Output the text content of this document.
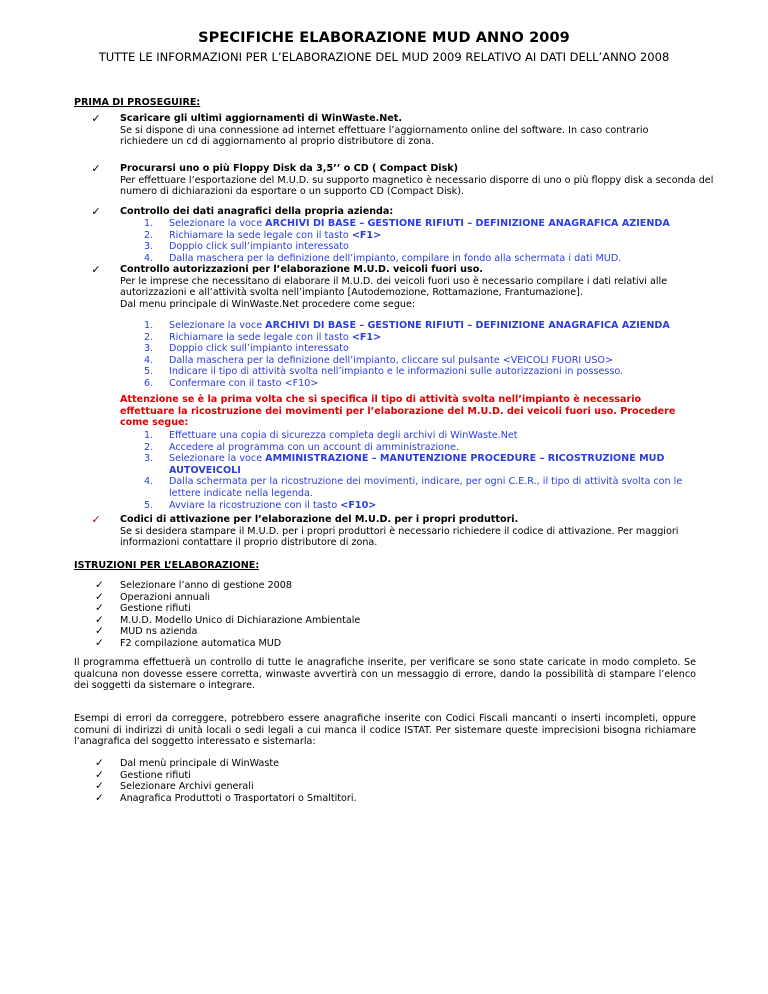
SPECIFICHE ELABORAZIONE MUD ANNO 2009
TUTTE LE INFORMAZIONI PER L’ELABORAZIONE DEL MUD 2009 RELATIVO AI DATI DELL’ANNO 2008
PRIMA DI PROSEGUIRE:
✓ Scaricare gli ultimi aggiornamenti di WinWaste.Net.
Se si dispone di una connessione ad internet effettuare l’aggiornamento online del software. In caso contrario richiedere un cd di aggiornamento al proprio distributore di zona.
✓ Procurarsi uno o più Floppy Disk da 3,5’’ o CD ( Compact Disk)
Per effettuare l’esportazione del M.U.D. su supporto magnetico è necessario disporre di uno o più floppy disk a seconda del numero di dichiarazioni da esportare o un supporto CD (Compact Disk).
✓ Controllo dei dati anagrafici della propria azienda:
1.	Selezionare la voce ARCHIVI DI BASE – GESTIONE RIFIUTI – DEFINIZIONE ANAGRAFICA AZIENDA
2.	Richiamare la sede legale con il tasto <F1>
3.	Doppio click sull’impianto interessato
4.	Dalla maschera per la definizione dell’impianto, compilare in fondo alla schermata i dati MUD.
✓ Controllo autorizzazioni per l’elaborazione M.U.D. veicoli fuori uso.
Per le imprese che necessitano di elaborare il M.U.D. dei veicoli fuori uso è necessario compilare i dati relativi alle autorizzazioni e all’attività svolta nell’impianto [Autodemozione, Rottamazione, Frantumazione].
Dal menu principale di WinWaste.Net procedere come segue:
1.	Selezionare la voce ARCHIVI DI BASE – GESTIONE RIFIUTI – DEFINIZIONE ANAGRAFICA AZIENDA
2.	Richiamare la sede legale con il tasto <F1>
3.	Doppio click sull’impianto interessato
4.	Dalla maschera per la definizione dell’impianto, cliccare sul pulsante <VEICOLI FUORI USO>
5.	Indicare il tipo di attività svolta nell’impianto e le informazioni sulle autorizzazioni in possesso.
6.	Confermare con il tasto <F10>
Attenzione se è la prima volta che si specifica il tipo di attività svolta nell’impianto è necessario effettuare la ricostruzione dei movimenti per l’elaborazione del M.U.D. dei veicoli fuori uso. Procedere come segue:
1.	Effettuare una copia di sicurezza completa degli archivi di WinWaste.Net
2.	Accedere al programma con un account di amministrazione.
3.	Selezionare la voce AMMINISTRAZIONE – MANUTENZIONE PROCEDURE – RICOSTRUZIONE MUD AUTOVEICOLI
4.	Dalla schermata per la ricostruzione dei movimenti, indicare, per ogni C.E.R., il tipo di attività svolta con le lettere indicate nella legenda.
5.	Avviare la ricostruzione con il tasto <F10>
✓ Codici di attivazione per l’elaborazione del M.U.D. per i propri produttori.
Se si desidera stampare il M.U.D. per i propri produttori è necessario richiedere il codice di attivazione. Per maggiori informazioni contattare il proprio distributore di zona.
ISTRUZIONI PER L’ELABORAZIONE:
✓	Selezionare l’anno di gestione 2008
✓	Operazioni annuali
✓	Gestione rifiuti
✓	M.U.D. Modello Unico di Dichiarazione Ambientale
✓	MUD ns azienda
✓	F2 compilazione automatica MUD
Il programma effettuerà un controllo di tutte le anagrafiche inserite, per verificare se sono state caricate in modo completo. Se qualcuna non dovesse essere corretta, winwaste avvertirà con un messaggio di errore, dando la possibilità di stampare l’elenco dei soggetti da sistemare o integrare.
Esempi di errori da correggere, potrebbero essere anagrafiche inserite con Codici Fiscali mancanti o inserti incompleti, oppure comuni di indirizzi di unità locali o sedi legali a cui manca il codice ISTAT. Per sistemare queste imprecisioni bisogna richiamare l’anagrafica del soggetto interessato e sistemarla:
✓	Dal menù principale di WinWaste
✓	Gestione rifiuti
✓	Selezionare Archivi generali
✓	Anagrafica Produttoti o Trasportatori o Smaltitori.
